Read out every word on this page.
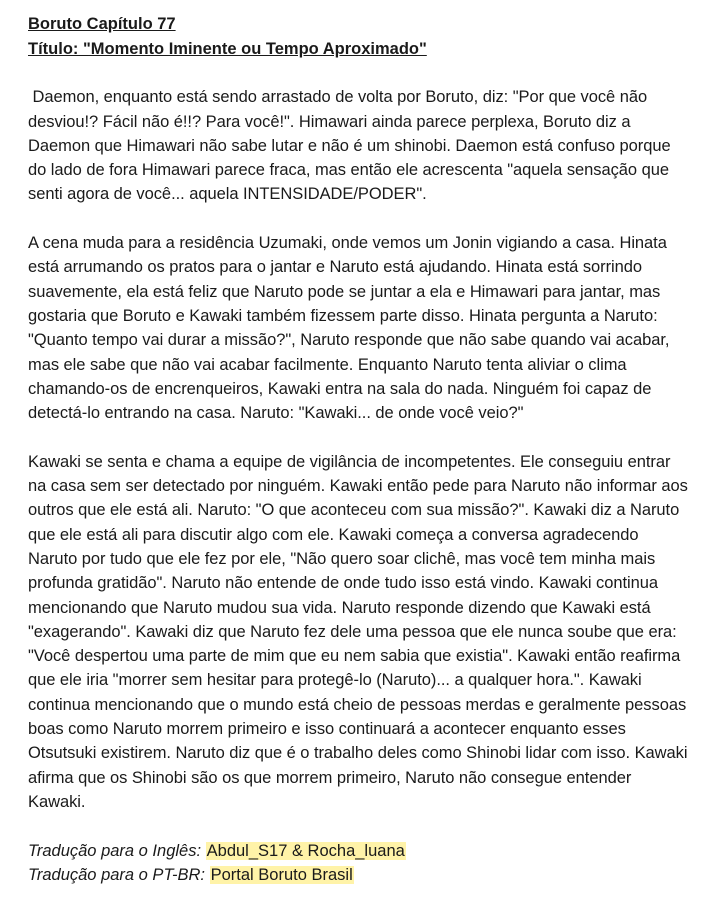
Boruto Capítulo 77

Título: "Momento Iminente ou Tempo Aproximado"

Daemon, enquanto está sendo arrastado de volta por Boruto, diz: "Por que você não desviou!? Fácil não é!!? Para você!". Himawari ainda parece perplexa, Boruto diz a Daemon que Himawari não sabe lutar e não é um shinobi. Daemon está confuso porque do lado de fora Himawari parece fraca, mas então ele acrescenta "aquela sensação que senti agora de você... aquela INTENSIDADE/PODER".

A cena muda para a residência Uzumaki, onde vemos um Jonin vigiando a casa. Hinata está arrumando os pratos para o jantar e Naruto está ajudando. Hinata está sorrindo suavemente, ela está feliz que Naruto pode se juntar a ela e Himawari para jantar, mas gostaria que Boruto e Kawaki também fizessem parte disso. Hinata pergunta a Naruto: "Quanto tempo vai durar a missão?", Naruto responde que não sabe quando vai acabar, mas ele sabe que não vai acabar facilmente. Enquanto Naruto tenta aliviar o clima chamando-os de encrenqueiros, Kawaki entra na sala do nada. Ninguém foi capaz de detectá-lo entrando na casa. Naruto: "Kawaki... de onde você veio?"

Kawaki se senta e chama a equipe de vigilância de incompetentes. Ele conseguiu entrar na casa sem ser detectado por ninguém. Kawaki então pede para Naruto não informar aos outros que ele está ali. Naruto: "O que aconteceu com sua missão?". Kawaki diz a Naruto que ele está ali para discutir algo com ele. Kawaki começa a conversa agradecendo Naruto por tudo que ele fez por ele, "Não quero soar clichê, mas você tem minha mais profunda gratidão". Naruto não entende de onde tudo isso está vindo. Kawaki continua mencionando que Naruto mudou sua vida. Naruto responde dizendo que Kawaki está "exagerando". Kawaki diz que Naruto fez dele uma pessoa que ele nunca soube que era: "Você despertou uma parte de mim que eu nem sabia que existia". Kawaki então reafirma que ele iria "morrer sem hesitar para protegê-lo (Naruto)... a qualquer hora.". Kawaki continua mencionando que o mundo está cheio de pessoas merdas e geralmente pessoas boas como Naruto morrem primeiro e isso continuará a acontecer enquanto esses Otsutsuki existirem. Naruto diz que é o trabalho deles como Shinobi lidar com isso. Kawaki afirma que os Shinobi são os que morrem primeiro, Naruto não consegue entender Kawaki.

Tradução para o Inglês: Abdul_S17 & Rocha_luana

Tradução para o PT-BR: Portal Boruto Brasil
